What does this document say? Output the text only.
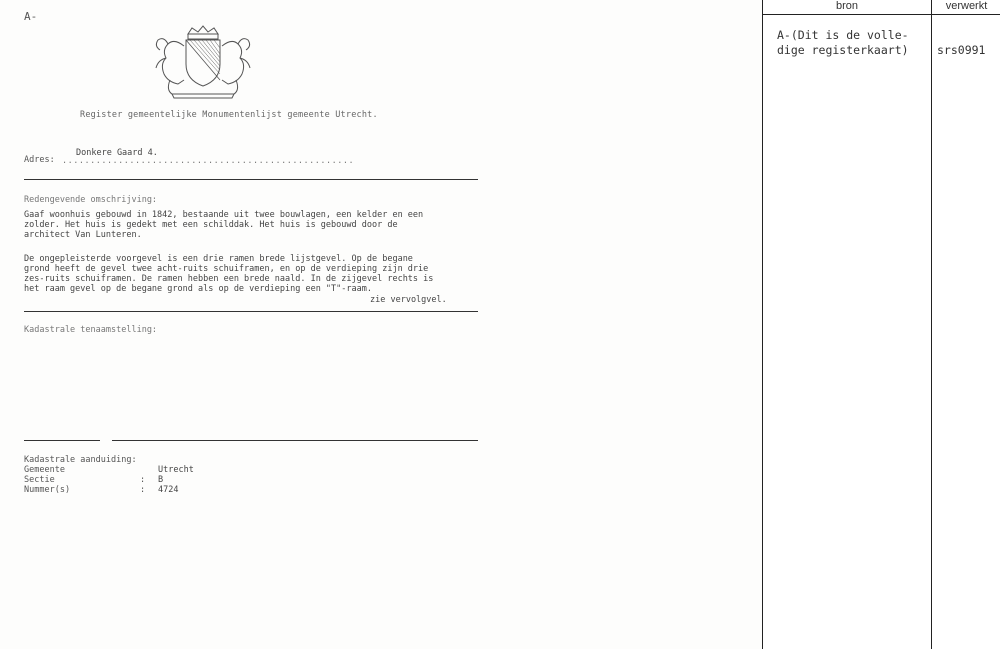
A-
Register gemeentelijke Monumentenlijst gemeente Utrecht.
Adres: ....................................................
Donkere Gaard 4.
Redengevende omschrijving:
Gaaf woonhuis gebouwd in 1842, bestaande uit twee bouwlagen, een kelder en een
zolder. Het huis is gedekt met een schilddak. Het huis is gebouwd door de
architect Van Lunteren.
De ongepleisterde voorgevel is een drie ramen brede lijstgevel. Op de begane
grond heeft de gevel twee acht-ruits schuiframen, en op de verdieping zijn drie
zes-ruits schuiframen. De ramen hebben een brede naald. In de zijgevel rechts is
het raam gevel op de begane grond als op de verdieping een "T"-raam.
zie vervolgvel.
Kadastrale tenaamstelling:
Kadastrale aanduiding:
Gemeente	Utrecht
Sectie	:	B
Nummer(s)	:	4724
bron	verwerkt
A-(Dit is de volle-
dige registerkaart) srs0991
